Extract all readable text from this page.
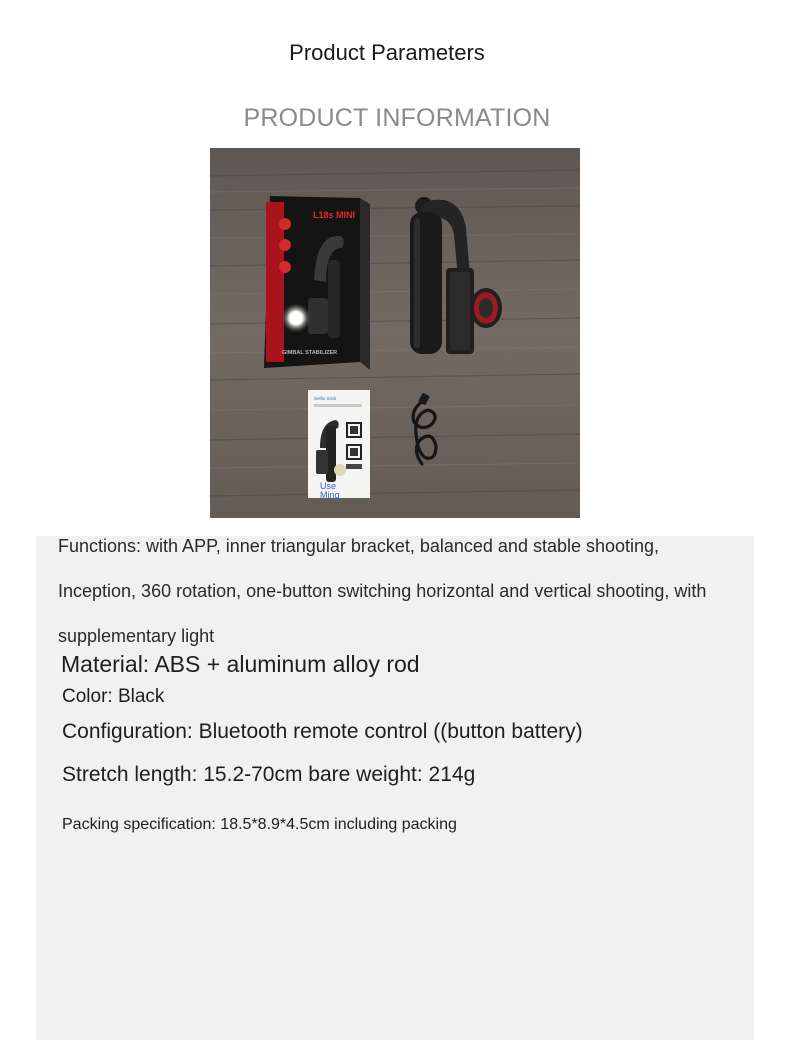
Product Parameters
PRODUCT INFORMATION
L18s MINI
GIMBAL STABILIZER
Selfie Stick
Use
Ming
Functions: with APP, inner triangular bracket, balanced and stable shooting, Inception, 360 rotation, one-button switching horizontal and vertical shooting, with supplementary light
Material: ABS + aluminum alloy rod
Color: Black
Configuration: Bluetooth remote control ((button battery)
Stretch length: 15.2-70cm bare weight: 214g
Packing specification: 18.5*8.9*4.5cm including packing
